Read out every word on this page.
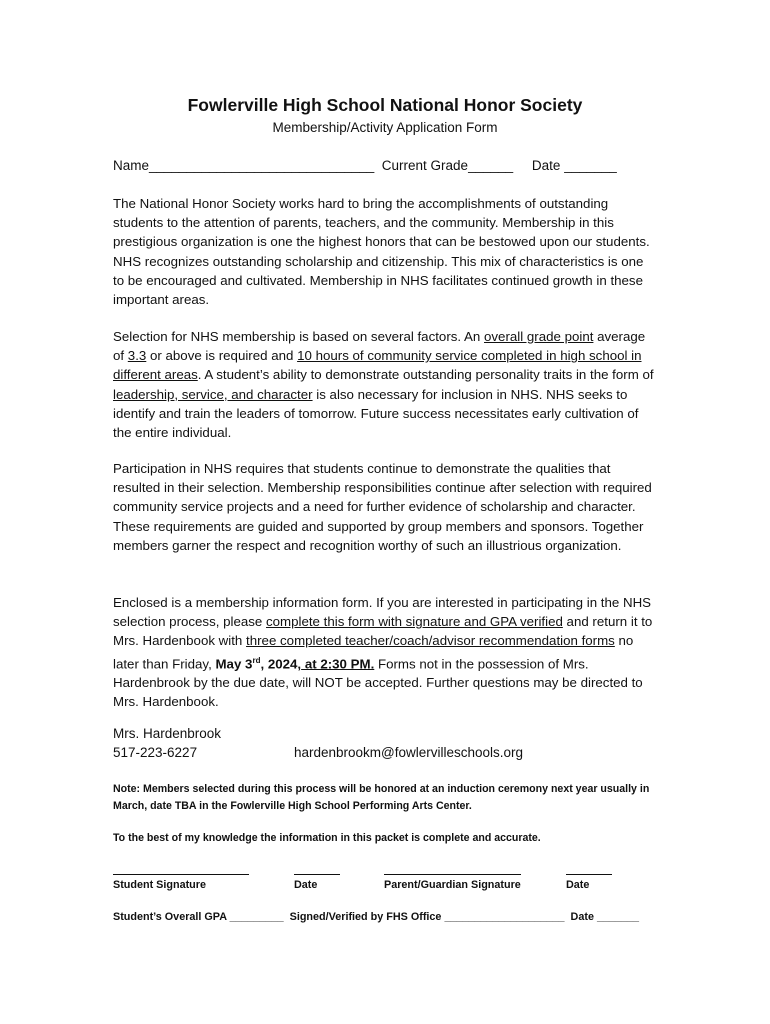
Fowlerville High School National Honor Society
Membership/Activity Application Form
Name______________________________ Current Grade______ Date _______

The National Honor Society works hard to bring the accomplishments of outstanding students to the attention of parents, teachers, and the community. Membership in this prestigious organization is one the highest honors that can be bestowed upon our students. NHS recognizes outstanding scholarship and citizenship. This mix of characteristics is one to be encouraged and cultivated. Membership in NHS facilitates continued growth in these important areas.

Selection for NHS membership is based on several factors. An overall grade point average of 3.3 or above is required and 10 hours of community service completed in high school in different areas. A student’s ability to demonstrate outstanding personality traits in the form of leadership, service, and character is also necessary for inclusion in NHS. NHS seeks to identify and train the leaders of tomorrow. Future success necessitates early cultivation of the entire individual.

Participation in NHS requires that students continue to demonstrate the qualities that resulted in their selection. Membership responsibilities continue after selection with required community service projects and a need for further evidence of scholarship and character. These requirements are guided and supported by group members and sponsors. Together members garner the respect and recognition worthy of such an illustrious organization.

Enclosed is a membership information form. If you are interested in participating in the NHS selection process, please complete this form with signature and GPA verified and return it to Mrs. Hardenbook with three completed teacher/coach/advisor recommendation forms no later than Friday, May 3rd, 2024, at 2:30 PM. Forms not in the possession of Mrs. Hardenbrook by the due date, will NOT be accepted. Further questions may be directed to Mrs. Hardenbook.

Mrs. Hardenbrook
517-223-6227	hardenbrookm@fowlervilleschools.org

Note: Members selected during this process will be honored at an induction ceremony next year usually in March, date TBA in the Fowlerville High School Performing Arts Center.

To the best of my knowledge the information in this packet is complete and accurate.

Student Signature	Date	Parent/Guardian Signature	Date
Student’s Overall GPA _________ Signed/Verified by FHS Office ____________________ Date _______
